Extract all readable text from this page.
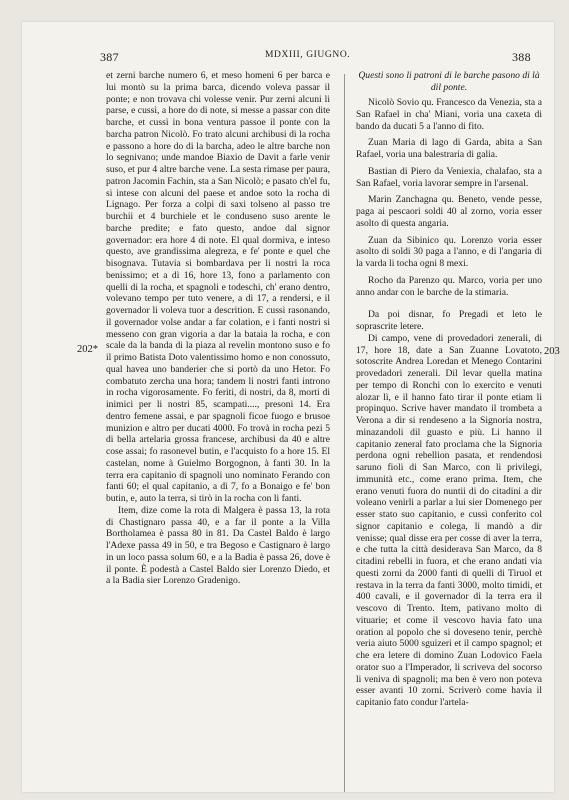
387	MDXIII, GIUGNO.	388
202*	203

et zerni barche numero 6, et meso homeni 6 per barca e lui montò su la prima barca, dicendo voleva passar il ponte; e non trovava chi volesse venir. Pur zerni alcuni li parse, e cussì, a hore do di note, si messe a passar con dite barche, et cussì in bona ventura passoe il ponte con la barcha patron Nicolò. Fo trato alcuni archibusi di la rocha e passono a hore do di la barcha, adeo le altre barche non lo segnivano; unde mandoe Biaxio de Davit a farle venir suso, et pur 4 altre barche vene. La sesta rimase per paura, patron Jacomin Fachin, sta a San Nicolò; e pasato ch'el fu, si intese con alcuni del paese et andoe soto la rocha di Lignago. Per forza a colpi di saxi tolseno al passo tre burchii et 4 burchiele et le conduseno suso arente le barche predite; e fato questo, andoe dal signor governador: era hore 4 di note. El qual dormiva, e inteso questo, ave grandissima alegreza, e fe' ponte e quel che bisognava. Tutavia si bombardava per li nostri la roca benissimo; et a dì 16, hore 13, fono a parlamento con quelli di la rocha, et spagnoli e todeschi, ch' erano dentro, volevano tempo per tuto venere, a dì 17, a rendersi, e il governador li voleva tuor a descrition. E cussì rasonando, il governador volse andar a far colation, e i fanti nostri si messeno con gran vigoria a dar la bataia la rocha, e con scale da la banda di la piaza al revelin montono suso e fo il primo Batista Doto valentissimo homo e non conossuto, qual havea uno banderier che si portò da uno Hetor. Fo combatuto zercha una hora; tandem li nostri fanti introno in rocha vigorosamente. Fo feriti, di nostri, da 8, morti di inimici per li nostri 85, scampati...., presoni 14. Era dentro femene assai, e par spagnoli ficoe fuogo e brusoe munizion e altro per ducati 4000. Fo trovà in rocha pezi 5 di bella artelaria grossa francese, archibusi da 40 e altre cose assai; fo rasonevel butin, e l'acquisto fo a hore 15. El castelan, nome à Guielmo Borgognon, à fanti 30. In la terra era capitanio di spagnoli uno nominato Ferando con fanti 60; el qual capitanio, a dì 7, fo a Bonaigo e fe' bon butin, e, auto la terra, si tirò in la rocha con li fanti.

Item, dize come la rota di Malgera è passa 13, la rota di Chastignaro passa 40, e a far il ponte a la Villa Bortholamea è passa 80 in 81. Da Castel Baldo è largo l'Adexe passa 49 in 50, e tra Begoso e Castignaro è largo in un loco passa solum 60, e a la Badia è passa 26, dove è il ponte. È podestà a Castel Baldo sier Lorenzo Diedo, et a la Badia sier Lorenzo Gradenigo.

Questi sono li patroni di le barche pasono di là dil ponte.

Nicolò Sovio qu. Francesco da Venezia, sta a San Rafael in cha' Miani, voria una caxeta di bando da ducati 5 a l'anno di fito.

Zuan Maria di lago di Garda, abita a San Rafael, voria una balestraria di galia.

Bastian di Piero da Veniexia, chalafao, sta a San Rafael, voria lavorar sempre in l'arsenal.

Marin Zanchagna qu. Beneto, vende pesse, paga ai pescaori soldi 40 al zorno, voria esser asolto di questa angaria.

Zuan da Sibinico qu. Lorenzo voria esser asolto di soldi 30 paga a l'anno, e di l'angaria di la varda li tocha ogni 8 mexi.

Rocho da Parenzo qu. Marco, voria per uno anno andar con le barche de la stimaria.

Da poi disnar, fo Pregadi et leto le soprascrite letere.

Di campo, vene di provedadori zenerali, di 17, hore 18, date a San Zuanne Lovatoto, sotoscrite Andrea Loredan et Menego Contarini provedadori zenerali. Dil levar quella matina per tempo di Ronchi con lo exercito e venuti alozar lì, e il hanno fato tirar il ponte etiam li propinquo. Scrive haver mandato il trombeta a Verona a dir si rendeseno a la Signoria nostra, minazandoli dil guasto e più. Li hanno il capitanio zeneral fato proclama che la Signoria perdona ogni rebellion pasata, et rendendosi saruno fioli di San Marco, con li privilegi, immunità etc., come erano prima. Item, che erano venuti fuora do nuntii di do citadini a dir voleano venirli a parlar a lui sier Domenego per esser stato suo capitanio, e cussì conferito col signor capitanio e colega, li mandò a dir venisse; qual disse era per cosse di aver la terra, e che tutta la città desiderava San Marco, da 8 citadini rebelli in fuora, et che erano andati via questi zorni da 2000 fanti di quelli di Tiruol et restava in la terra da fanti 3000, molto timidi, et 400 cavali, e il governador di la terra era il vescovo di Trento. Item, pativano molto di vituarie; et come il vescovo havia fato una oration al popolo che si doveseno tenir, perchè veria aiuto 5000 sguizeri et il campo spagnol; et che era letere di domino Zuan Lodovico Faela orator suo a l'Imperador, li scriveva del socorso li veniva di spagnoli; ma ben è vero non poteva esser avanti 10 zorni. Scriverò come havia il capitanio fato condur l'artela-
